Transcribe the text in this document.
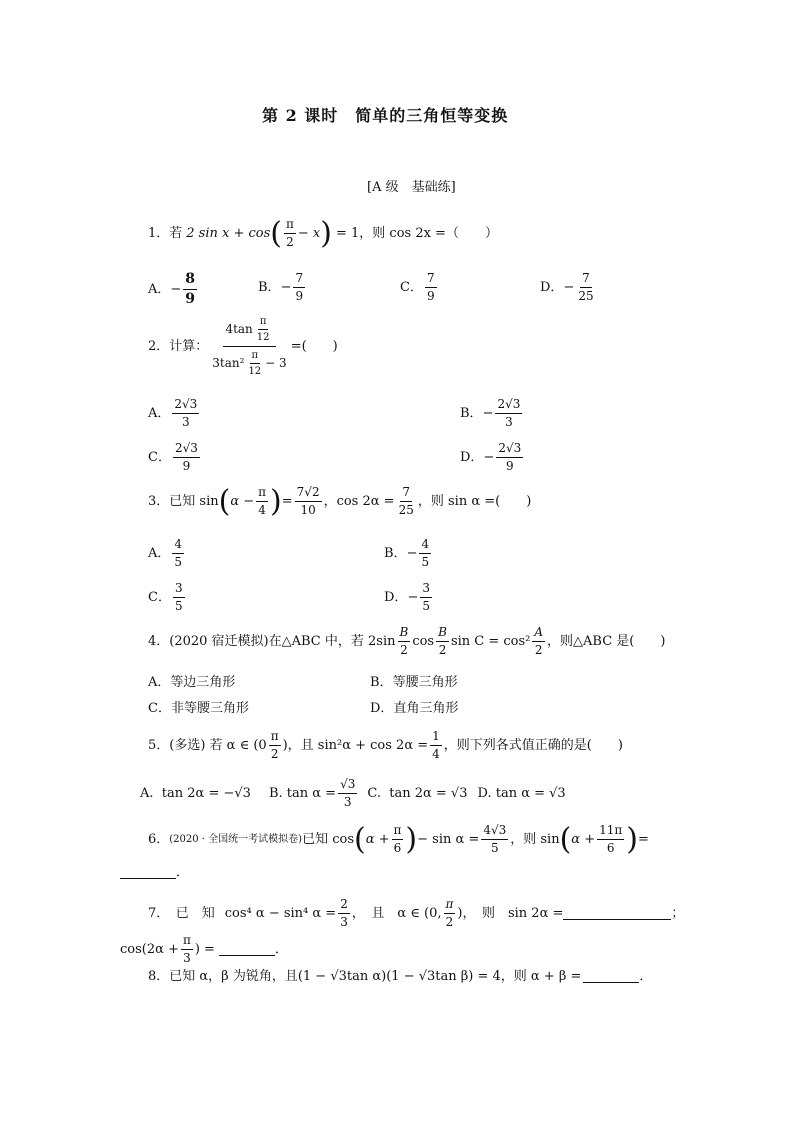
第 2 课时　简单的三角恒等变换
[A 级　基础练]
1．若 2 sin x + cos ( $\frac{\pi}{2} - x$ ) = 1，则 cos 2x =（　　）
A． − $\frac{8}{9}$	B． − $\frac{7}{9}$	C． $\frac{7}{9}$	D． − $\frac{7}{25}$
2．计算： $\frac{4\tan \frac{\pi}{12}}{3\tan^2 \frac{\pi}{12} - 3}$ =(　　)
A． $\frac{2√3}{3}$	B． − $\frac{2√3}{3}$
C． $\frac{2√3}{9}$	D． − $\frac{2√3}{9}$
3．已知 sin ( $\alpha - \frac{\pi}{4}$ ) = $\frac{7√2}{10}$ ，$\cos 2\alpha = \frac{7}{25}$ ，则 sin α =(　　)
A． $\frac{4}{5}$	B． − $\frac{4}{5}$
C． $\frac{3}{5}$	D． − $\frac{3}{5}$
4．(2020 宿迁模拟)在△ABC 中，若 $2\sin \frac{B}{2}$ $\cos \frac{B}{2}$ $\sin C = \cos^2 \frac{A}{2}$ ，则△ABC 是(　　)
A．等边三角形	B．等腰三角形
C．非等腰三角形	D．直角三角形
5．(多选) 若 α ∈ ($0 \frac{\pi}{2}$ )，且 $\sin^2\alpha + \cos 2\alpha = \frac{1}{4}$ ，则下列各式值正确的是(　　)
A. tan 2α = −√3 B.
$\tan \alpha = \frac{√3}{3} C$. tan 2α = √3 D. tan α = √3
6． (2020 · 全国统一考试模拟卷) 已知 cos ( $\alpha + \frac{\pi}{6}$ ) − $\sin \alpha = \frac{4√3}{5}$ ，则 sin ( $\alpha + \frac{11\pi}{6}$ ) =
．
7．　已　知 cos⁴ α − sin⁴ $\alpha = \frac{2}{3}$ ，　且　α ∈ (0, $\frac{\pi}{2}$ )，　则　sin 2α =	；
$\cos(2\alpha + \frac{\pi}{3}$ ) =	．
8．已知 α，β 为锐角，且(1 − √3tan α)(1 − √3tan β) = 4，则 α + β =	．
